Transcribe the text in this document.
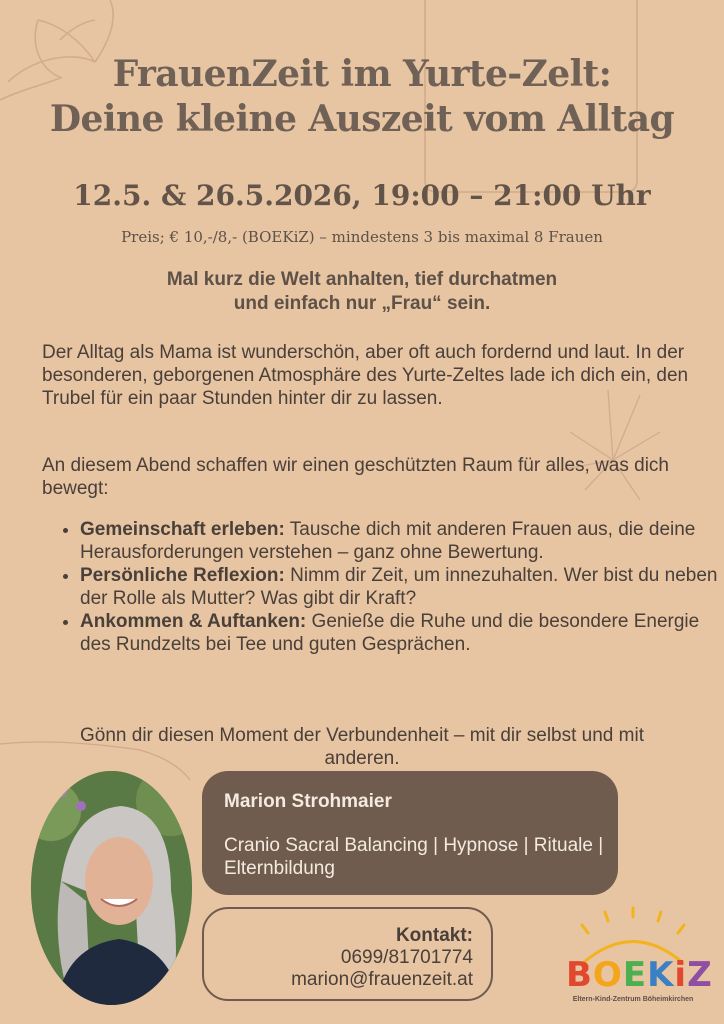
FrauenZeit im Yurte-Zelt:
Deine kleine Auszeit vom Alltag
12.5. & 26.5.2026, 19:00 – 21:00 Uhr
Preis; € 10,-/8,- (BOEKiZ) – mindestens 3 bis maximal 8 Frauen
Mal kurz die Welt anhalten, tief durchatmen
und einfach nur „Frau“ sein.
Der Alltag als Mama ist wunderschön, aber oft auch fordernd und laut. In der besonderen, geborgenen Atmosphäre des Yurte-Zeltes lade ich dich ein, den Trubel für ein paar Stunden hinter dir zu lassen.
An diesem Abend schaffen wir einen geschützten Raum für alles, was dich bewegt:
• Gemeinschaft erleben: Tausche dich mit anderen Frauen aus, die deine Herausforderungen verstehen – ganz ohne Bewertung.
• Persönliche Reflexion: Nimm dir Zeit, um innezuhalten. Wer bist du neben der Rolle als Mutter? Was gibt dir Kraft?
• Ankommen & Auftanken: Genieße die Ruhe und die besondere Energie des Rundzelts bei Tee und guten Gesprächen.
Gönn dir diesen Moment der Verbundenheit – mit dir selbst und mit anderen.
Marion Strohmaier
Cranio Sacral Balancing | Hypnose | Rituale | Elternbildung
Kontakt:
0699/81701774
marion@frauenzeit.at	BOEKiZ
Eltern-Kind-Zentrum Böheimkirchen
